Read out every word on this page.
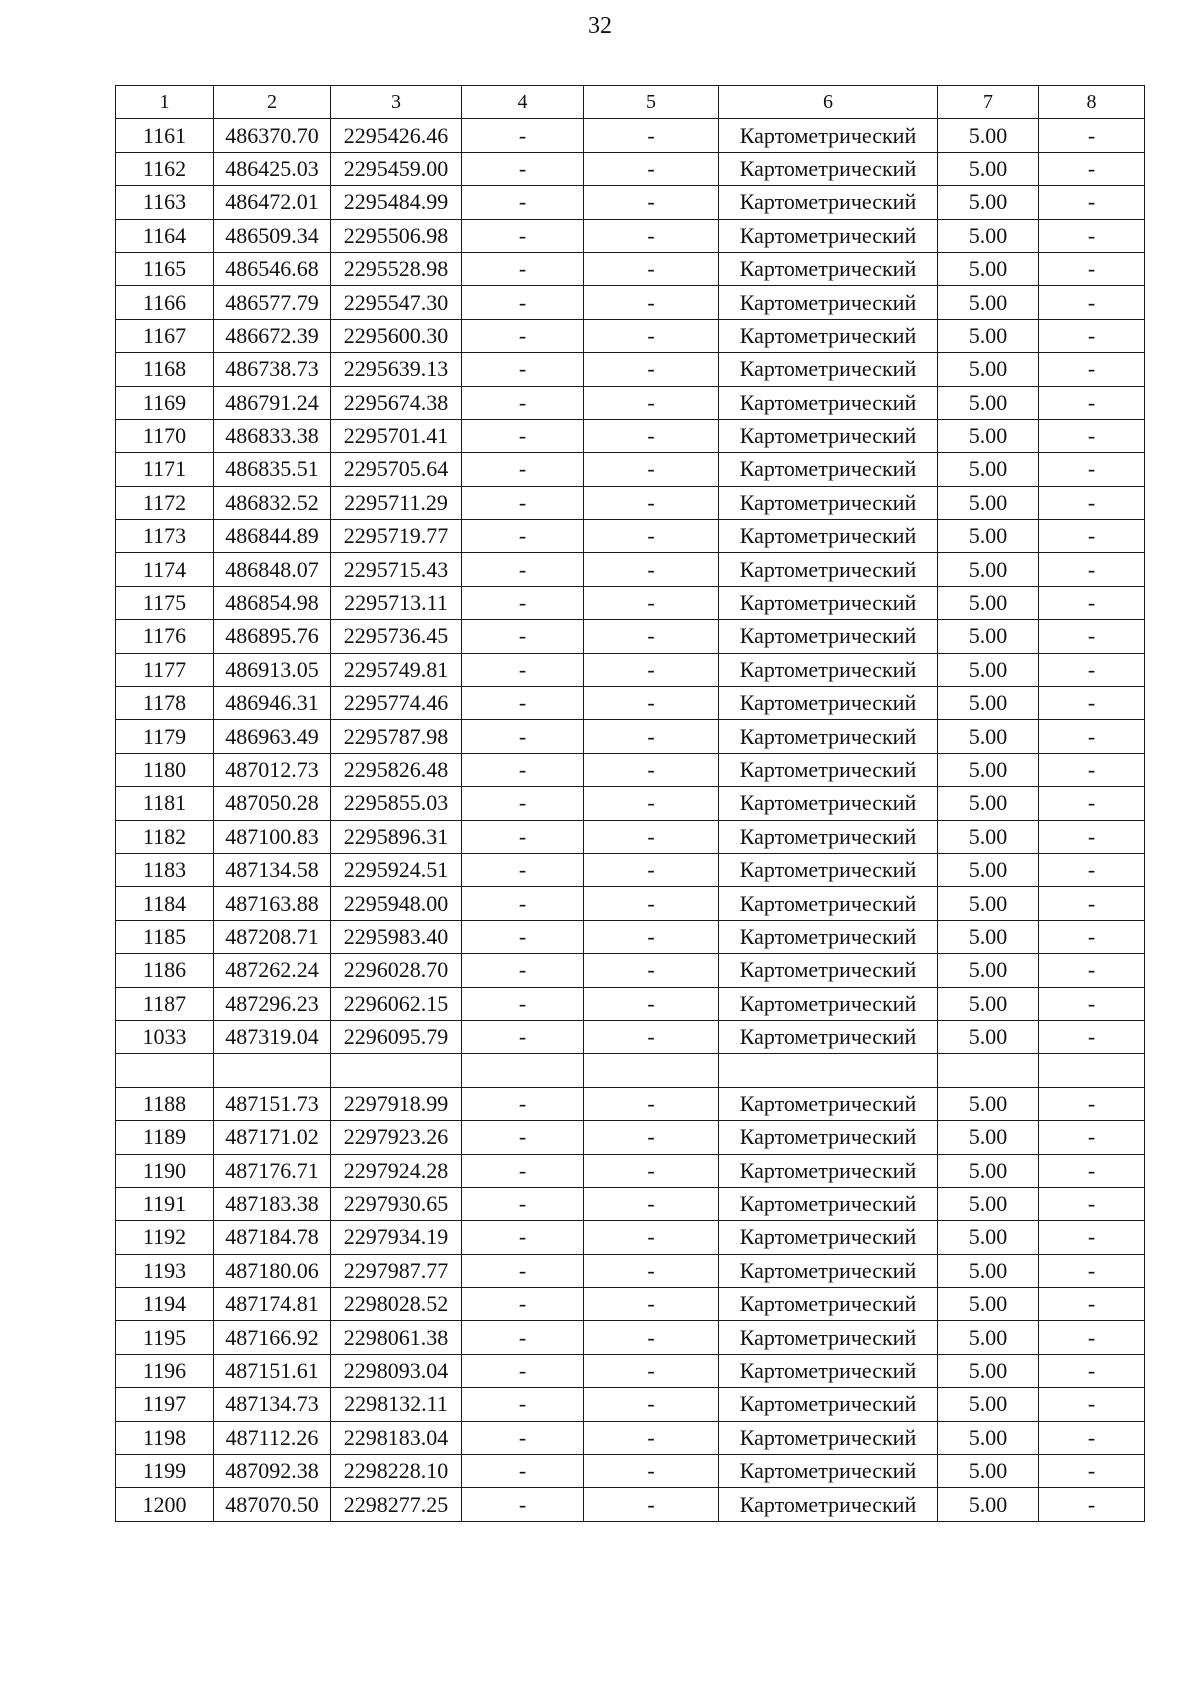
32
1	2	3	4	5	6	7	8
1161	486370.70	2295426.46	-	-	Картометрический	5.00	-
1162	486425.03	2295459.00	-	-	Картометрический	5.00	-
1163	486472.01	2295484.99	-	-	Картометрический	5.00	-
1164	486509.34	2295506.98	-	-	Картометрический	5.00	-
1165	486546.68	2295528.98	-	-	Картометрический	5.00	-
1166	486577.79	2295547.30	-	-	Картометрический	5.00	-
1167	486672.39	2295600.30	-	-	Картометрический	5.00	-
1168	486738.73	2295639.13	-	-	Картометрический	5.00	-
1169	486791.24	2295674.38	-	-	Картометрический	5.00	-
1170	486833.38	2295701.41	-	-	Картометрический	5.00	-
1171	486835.51	2295705.64	-	-	Картометрический	5.00	-
1172	486832.52	2295711.29	-	-	Картометрический	5.00	-
1173	486844.89	2295719.77	-	-	Картометрический	5.00	-
1174	486848.07	2295715.43	-	-	Картометрический	5.00	-
1175	486854.98	2295713.11	-	-	Картометрический	5.00	-
1176	486895.76	2295736.45	-	-	Картометрический	5.00	-
1177	486913.05	2295749.81	-	-	Картометрический	5.00	-
1178	486946.31	2295774.46	-	-	Картометрический	5.00	-
1179	486963.49	2295787.98	-	-	Картометрический	5.00	-
1180	487012.73	2295826.48	-	-	Картометрический	5.00	-
1181	487050.28	2295855.03	-	-	Картометрический	5.00	-
1182	487100.83	2295896.31	-	-	Картометрический	5.00	-
1183	487134.58	2295924.51	-	-	Картометрический	5.00	-
1184	487163.88	2295948.00	-	-	Картометрический	5.00	-
1185	487208.71	2295983.40	-	-	Картометрический	5.00	-
1186	487262.24	2296028.70	-	-	Картометрический	5.00	-
1187	487296.23	2296062.15	-	-	Картометрический	5.00	-
1033	487319.04	2296095.79	-	-	Картометрический	5.00	-

1188	487151.73	2297918.99	-	-	Картометрический	5.00	-
1189	487171.02	2297923.26	-	-	Картометрический	5.00	-
1190	487176.71	2297924.28	-	-	Картометрический	5.00	-
1191	487183.38	2297930.65	-	-	Картометрический	5.00	-
1192	487184.78	2297934.19	-	-	Картометрический	5.00	-
1193	487180.06	2297987.77	-	-	Картометрический	5.00	-
1194	487174.81	2298028.52	-	-	Картометрический	5.00	-
1195	487166.92	2298061.38	-	-	Картометрический	5.00	-
1196	487151.61	2298093.04	-	-	Картометрический	5.00	-
1197	487134.73	2298132.11	-	-	Картометрический	5.00	-
1198	487112.26	2298183.04	-	-	Картометрический	5.00	-
1199	487092.38	2298228.10	-	-	Картометрический	5.00	-
1200	487070.50	2298277.25	-	-	Картометрический	5.00	-
